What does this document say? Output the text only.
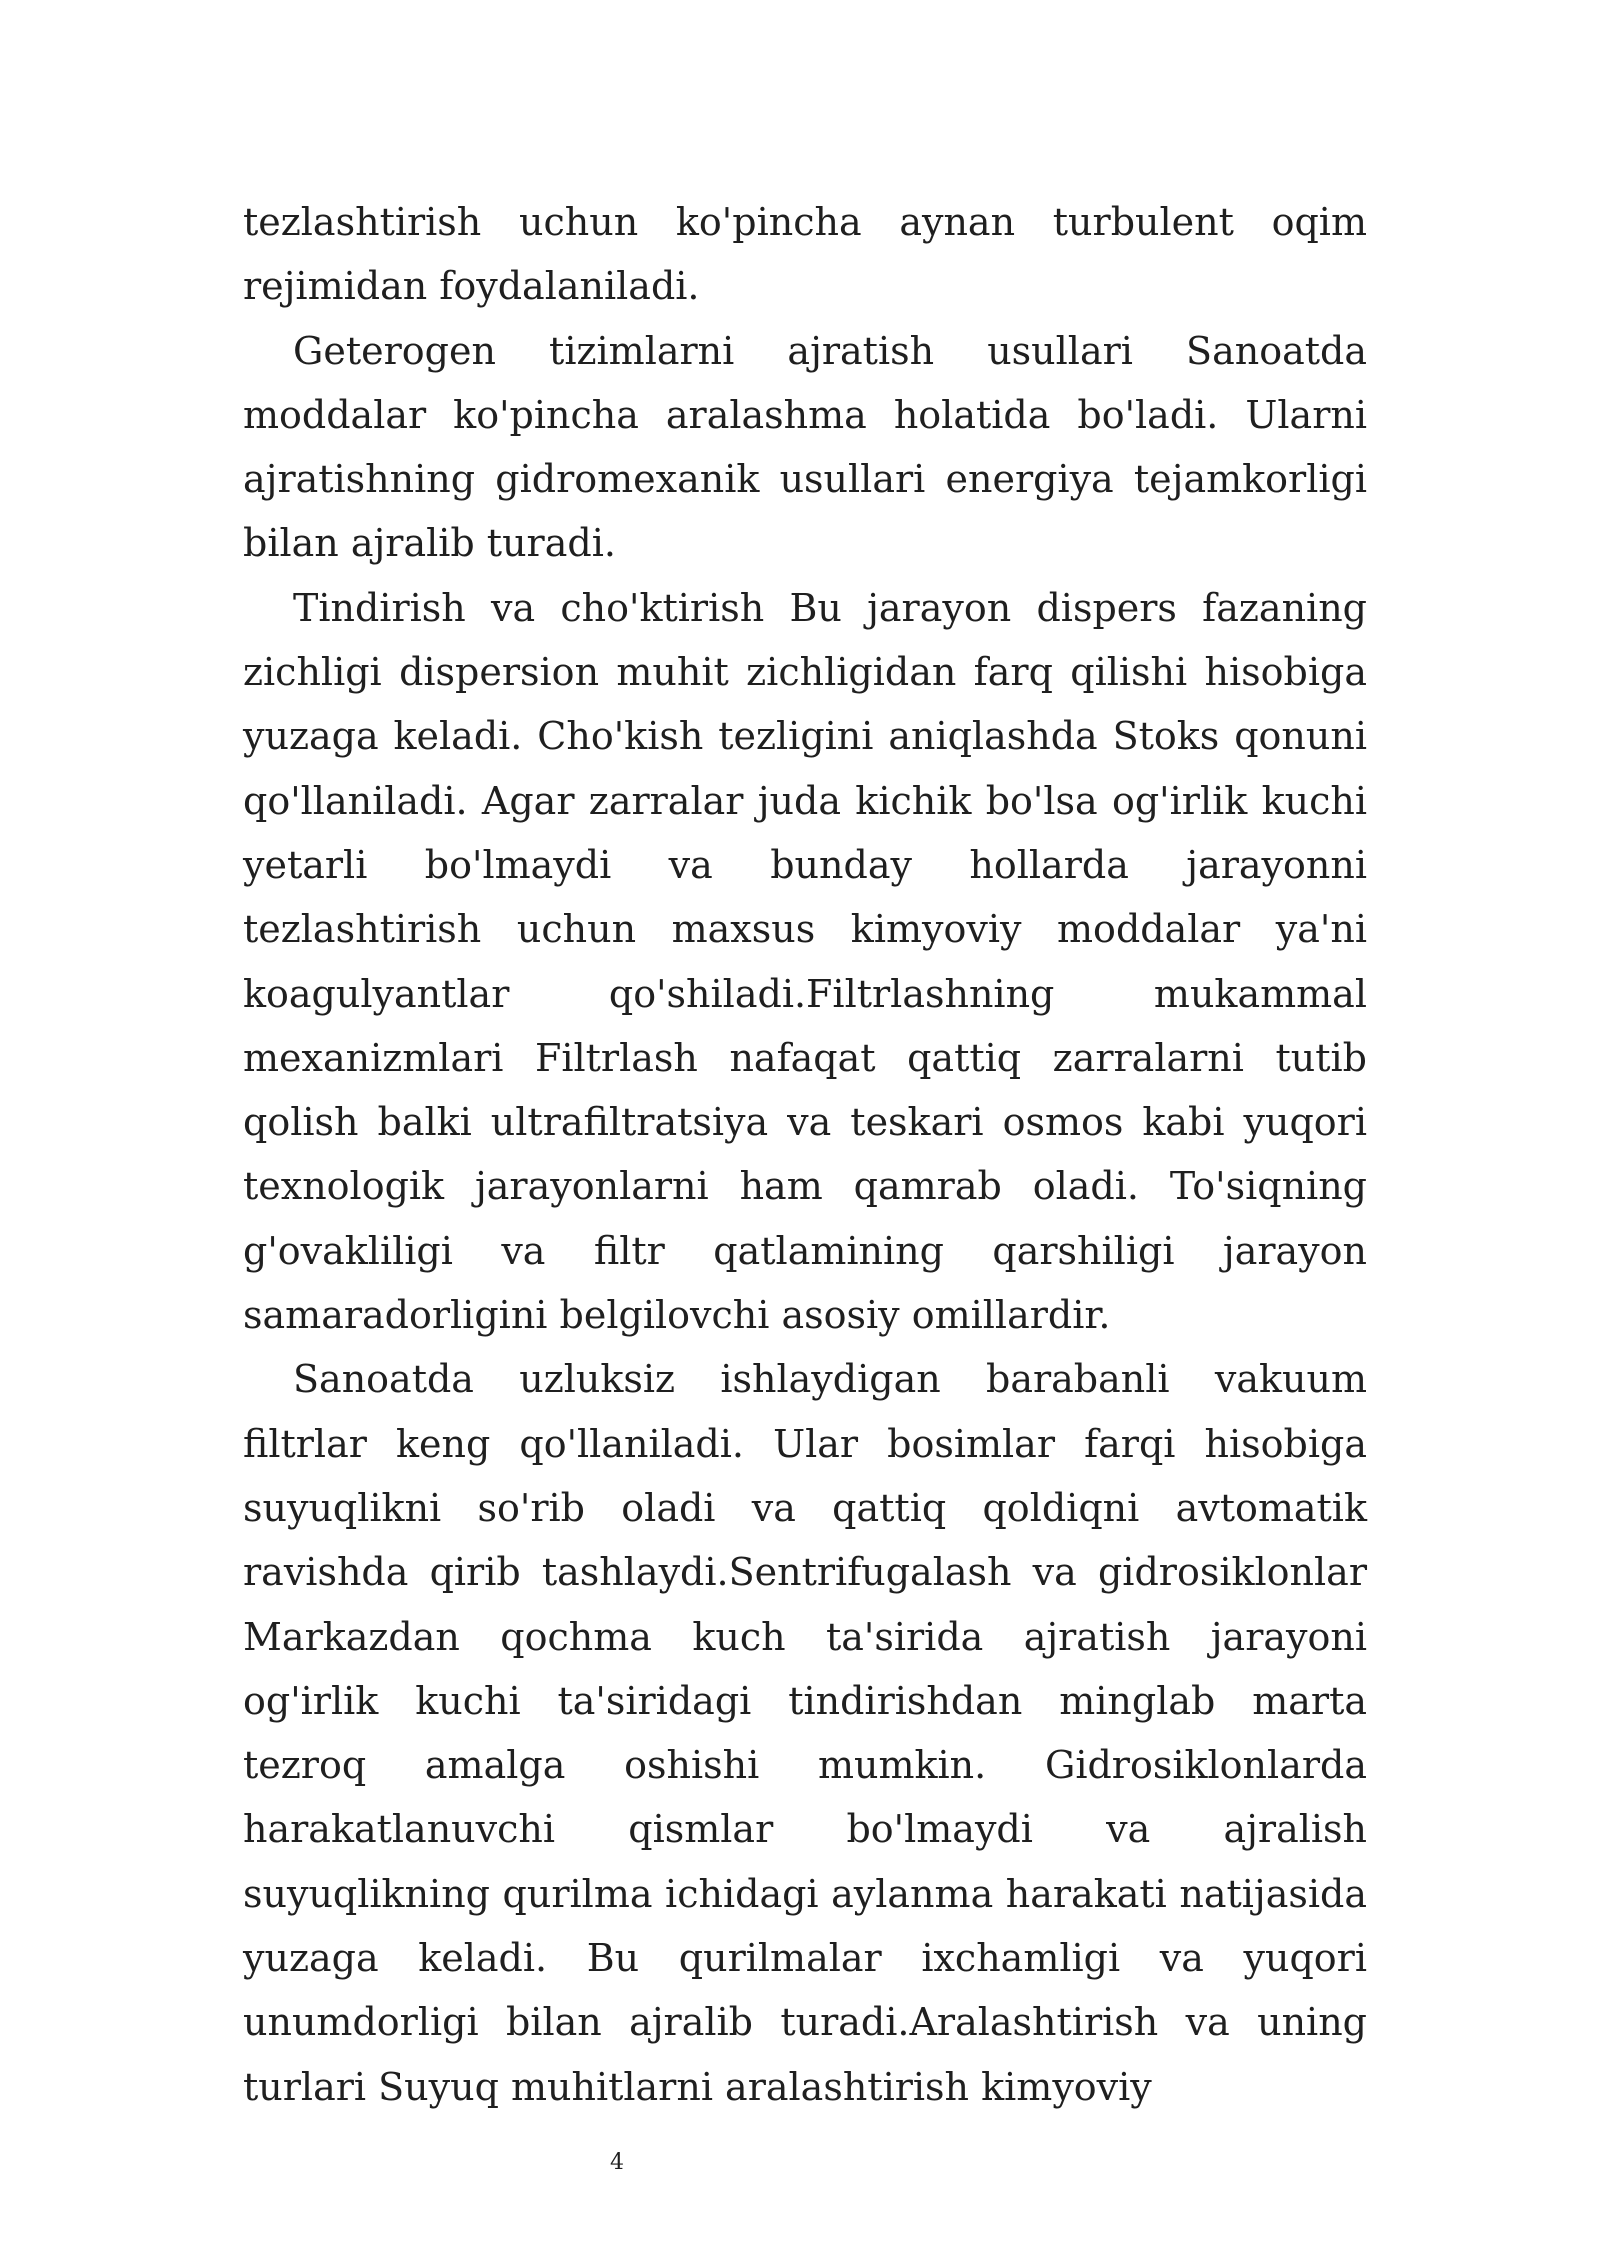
tezlashtirish uchun ko'pincha aynan turbulent oqim rejimidan foydalaniladi.

Geterogen tizimlarni ajratish usullari Sanoatda moddalar ko'pincha aralashma holatida bo'ladi. Ularni ajratishning gidromexanik usullari energiya tejamkorligi bilan ajralib turadi.

Tindirish va cho'ktirish Bu jarayon dispers fazaning zichligi dispersion muhit zichligidan farq qilishi hisobiga yuzaga keladi. Cho'kish tezligini aniqlashda Stoks qonuni qo'llaniladi. Agar zarralar juda kichik bo'lsa og'irlik kuchi yetarli bo'lmaydi va bunday hollarda jarayonni tezlashtirish uchun maxsus kimyoviy moddalar ya'ni koagulyantlar qo'shiladi.Filtrlashning mukammal mexanizmlari Filtrlash nafaqat qattiq zarralarni tutib qolish balki ultrafiltratsiya va teskari osmos kabi yuqori texnologik jarayonlarni ham qamrab oladi. To'siqning g'ovakliligi va filtr qatlamining qarshiligi jarayon samaradorligini belgilovchi asosiy omillardir.

Sanoatda uzluksiz ishlaydigan barabanli vakuum filtrlar keng qo'llaniladi. Ular bosimlar farqi hisobiga suyuqlikni so'rib oladi va qattiq qoldiqni avtomatik ravishda qirib tashlaydi.Sentrifugalash va gidrosiklonlar Markazdan qochma kuch ta'sirida ajratish jarayoni og'irlik kuchi ta'siridagi tindirishdan minglab marta tezroq amalga oshishi mumkin. Gidrosiklonlarda harakatlanuvchi qismlar bo'lmaydi va ajralish suyuqlikning qurilma ichidagi aylanma harakati natijasida yuzaga keladi. Bu qurilmalar ixchamligi va yuqori unumdorligi bilan ajralib turadi.Aralashtirish va uning turlari Suyuq muhitlarni aralashtirish kimyoviy

4
